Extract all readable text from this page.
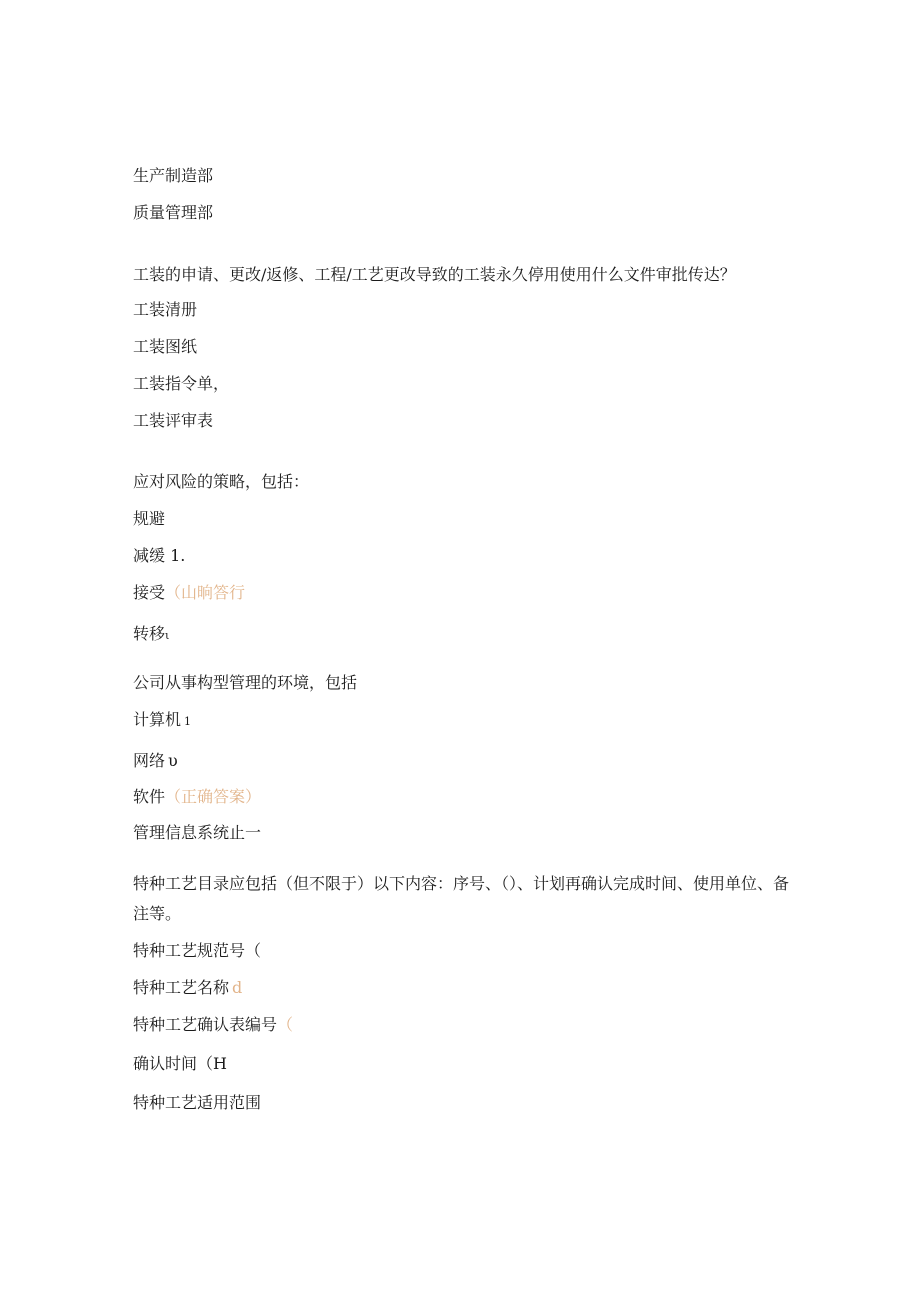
生产制造部
质量管理部
工装的申请、更改/返修、工程/工艺更改导致的工装永久停用使用什么文件审批传达？
工装清册
工装图纸
工装指令单，
工装评审表
应对风险的策略，包括：
规避
减缓 1.
接受（山晌答行
转移ι
公司从事构型管理的环境，包括
计算机 1
网络 υ
软件（正确答案）
管理信息系统止一
特种工艺目录应包括（但不限于）以下内容：序号、（）、计划再确认完成时间、使用单位、备注等。
特种工艺规范号（
特种工艺名称 d
特种工艺确认表编号（
确认时间（H
特种工艺适用范围
